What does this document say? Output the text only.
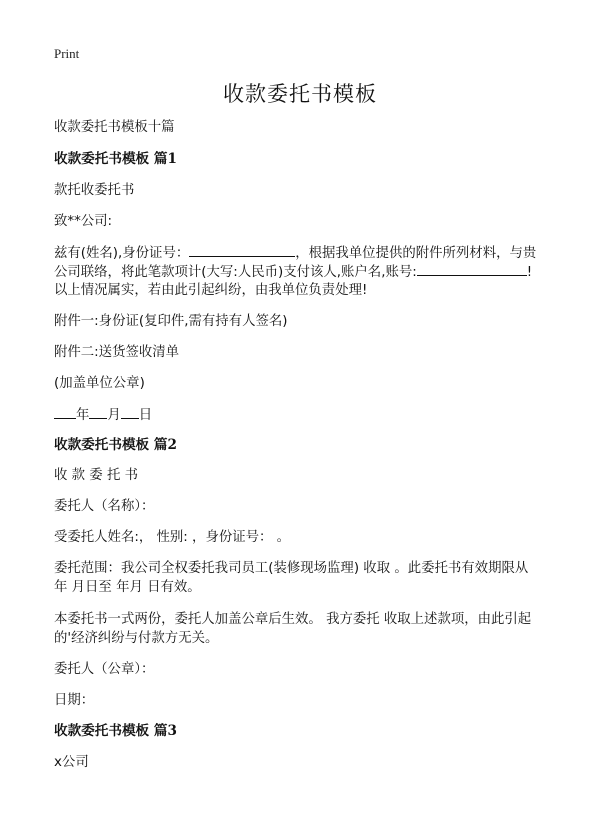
Print
收款委托书模板
收款委托书模板十篇
收款委托书模板 篇1
款托收委托书
致**公司:
兹有(姓名),身份证号：	，根据我单位提供的附件所列材料，与贵
公司联络，将此笔款项计(大写:人民币)支付该人,账户名,账号:	!
以上情况属实，若由此引起纠纷，由我单位负责处理!
附件一:身份证(复印件,需有持有人签名)
附件二:送货签收清单
(加盖单位公章)
年 月 日
收款委托书模板 篇2
收 款 委 托 书
委托人（名称）：
受委托人姓名:， 性别: ，身份证号： 。
委托范围：我公司全权委托我司员工(装修现场监理) 收取 。此委托书有效期限从
年 月日至 年月 日有效。
本委托书一式两份，委托人加盖公章后生效。 我方委托 收取上述款项，由此引起
的'经济纠纷与付款方无关。
委托人（公章）：
日期：
收款委托书模板 篇3
x公司
